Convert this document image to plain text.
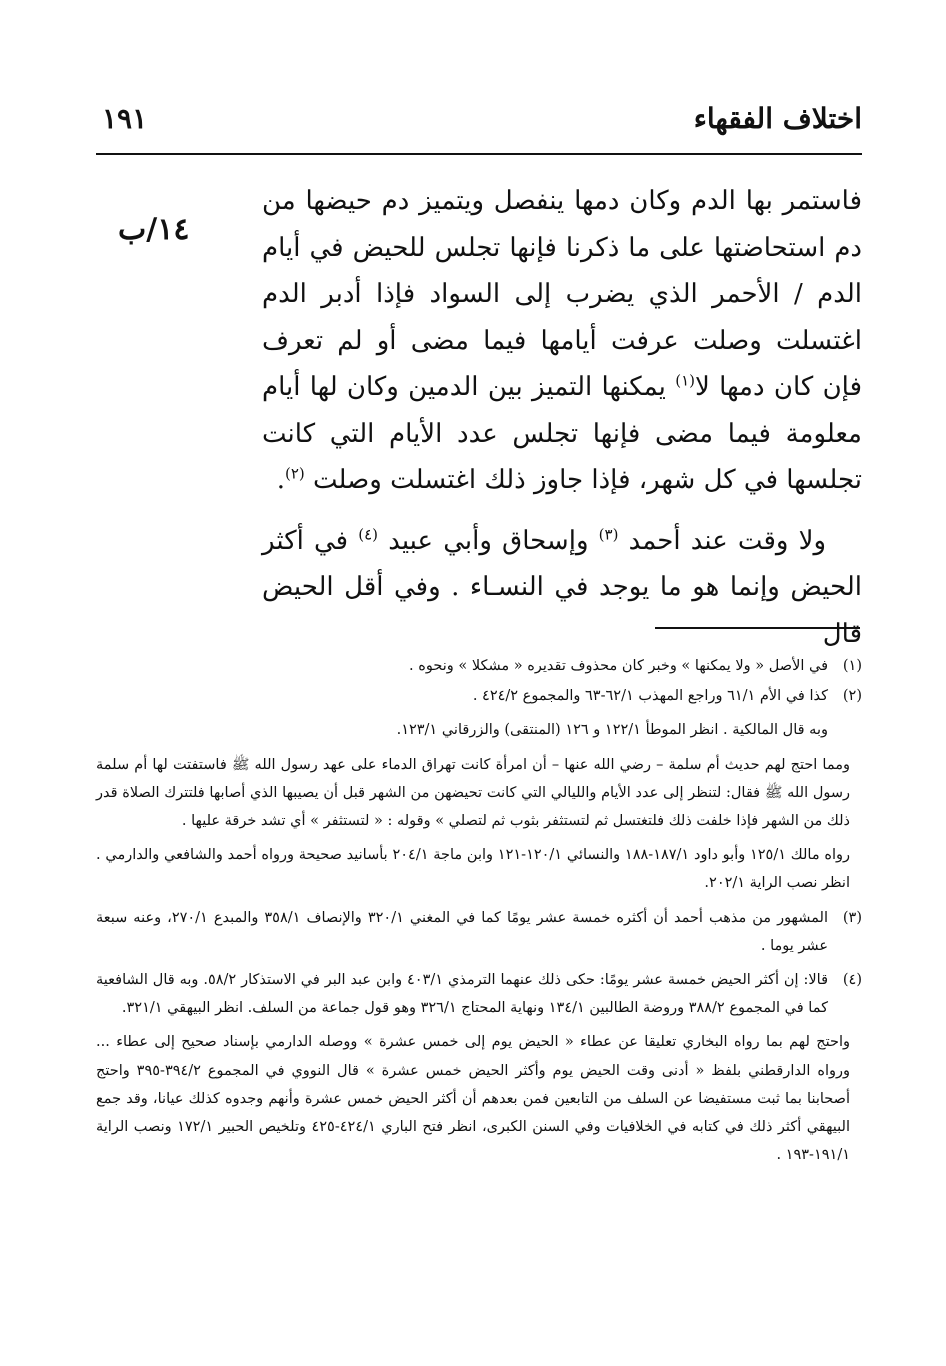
اختلاف الفقهاء
١٩١
١٤/ب

فاستمر بها الدم وكان دمها ينفصل ويتميز دم حيضها من دم استحاضتها على ما ذكرنا فإنها تجلس للحيض في أيام الدم / الأحمر الذي يضرب إلى السواد فإذا أدبر الدم اغتسلت وصلت عرفت أيامها فيما مضى أو لم تعرف فإن كان دمها لا$^{(١)}$ يمكنها التميز بين الدمين وكان لها أيام معلومة فيما مضى فإنها تجلس عدد الأيام التي كانت تجلسها في كل شهر، فإذا جاوز ذلك اغتسلت وصلت $^{(٢)}$.

ولا وقت عند أحمد $^{(٣)}$ وإسحاق وأبي عبيد $^{(٤)}$ في أكثر الحيض وإنما هو ما يوجد في النسـاء . وفي أقل الحيض قال

(١)
في الأصل « ولا يمكنها » وخبر كان محذوف تقديره « مشكلا » ونحوه .
(٢)
كذا في الأم ٦١/١ وراجع المهذب ٦٢/١-٦٣ والمجموع ٤٢٤/٢ .
وبه قال المالكية . انظر الموطأ ١٢٢/١ و ١٢٦ (المنتقى) والزرقاني ١٢٣/١.
ومما احتج لهم حديث أم سلمة – رضي الله عنها – أن امرأة كانت تهراق الدماء على عهد رسول الله ﷺ فاستفتت لها أم سلمة رسول الله ﷺ فقال: لتنظر إلى عدد الأيام والليالي التي كانت تحيضهن من الشهر قبل أن يصيبها الذي أصابها فلتترك الصلاة قدر ذلك من الشهر فإذا خلفت ذلك فلتغتسل ثم لتستثفر بثوب ثم لتصلي » وقوله : « لتستثفر » أي تشد خرقة عليها .
رواه مالك ١٢٥/١ وأبو داود ١٨٧/١-١٨٨ والنسائي ١٢٠/١-١٢١ وابن ماجة ٢٠٤/١ بأسانيد صحيحة ورواه أحمد والشافعي والدارمي . انظر نصب الراية ٢٠٢/١.
(٣)
المشهور من مذهب أحمد أن أكثره خمسة عشر يومًا كما في المغني ٣٢٠/١ والإنصاف ٣٥٨/١ والمبدع ٢٧٠/١، وعنه سبعة عشر يوما .
(٤)
قالا: إن أكثر الحيض خمسة عشر يومًا: حكى ذلك عنهما الترمذي ٤٠٣/١ وابن عبد البر في الاستذكار ٥٨/٢. وبه قال الشافعية كما في المجموع ٣٨٨/٢ وروضة الطالبين ١٣٤/١ ونهاية المحتاج ٣٢٦/١ وهو قول جماعة من السلف. انظر البيهقي ٣٢١/١.
واحتج لهم بما رواه البخاري تعليقا عن عطاء « الحيض يوم إلى خمس عشرة » ووصله الدارمي بإسناد صحيح إلى عطاء ... ورواه الدارقطني بلفظ « أدنى وقت الحيض يوم وأكثر الحيض خمس عشرة » قال النووي في المجموع ٣٩٤/٢-٣٩٥ واحتج أصحابنا بما ثبت مستفيضا عن السلف من التابعين فمن بعدهم أن أكثر الحيض خمس عشرة وأنهم وجدوه كذلك عيانا، وقد جمع البيهقي أكثر ذلك في كتابه في الخلافيات وفي السنن الكبرى، انظر فتح الباري ٤٢٤/١-٤٢٥ وتلخيص الحبير ١٧٢/١ ونصب الراية ١٩١/١-١٩٣ .
